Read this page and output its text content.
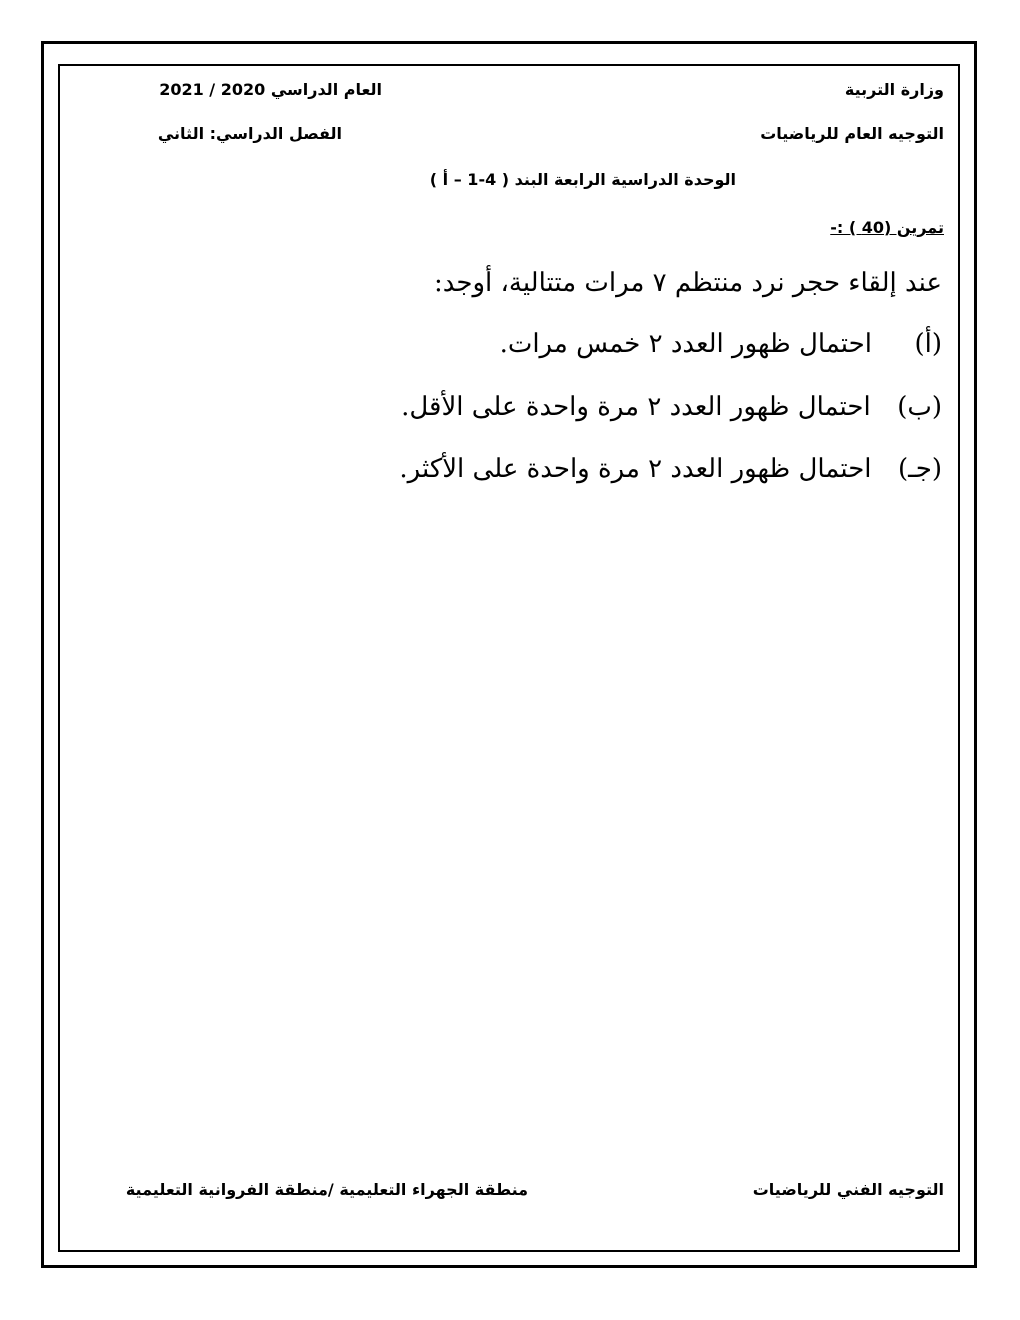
وزارة التربية
التوجيه العام للرياضيات
العام الدراسي 2020 / 2021
الفصل الدراسي: الثاني
الوحدة الدراسية الرابعة البند ( 4-1 – أ )
تمرين (40 ) :-
عند إلقاء حجر نرد منتظم ٧ مرات متتالية، أوجد:
(أ)  احتمال ظهور العدد ٢ خمس مرات.
(ب)  احتمال ظهور العدد ٢ مرة واحدة على الأقل.
(جـ)  احتمال ظهور العدد ٢ مرة واحدة على الأكثر.
التوجيه الفني للرياضيات
منطقة الجهراء التعليمية /منطقة الفروانية التعليمية
